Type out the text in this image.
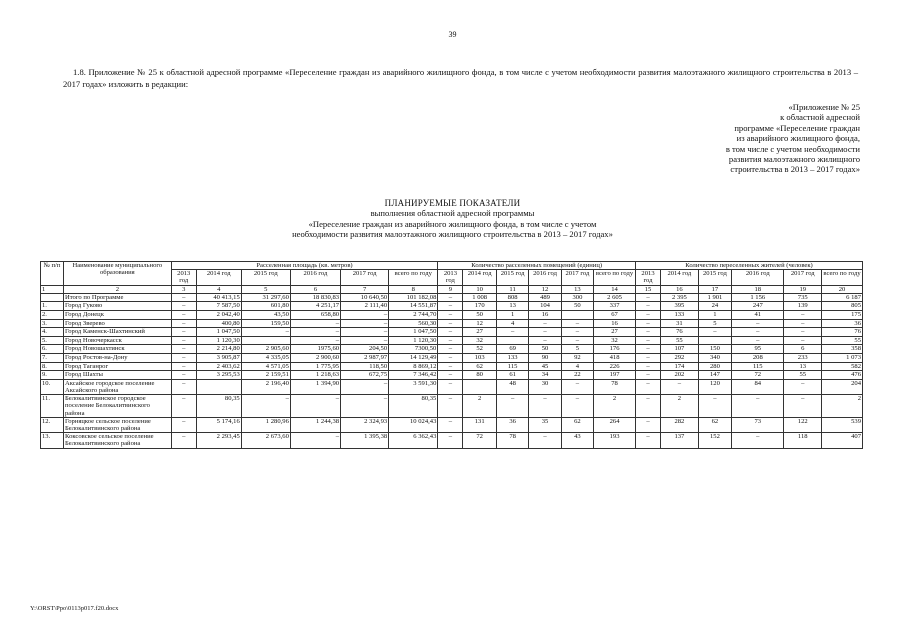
39
1.8. Приложение № 25 к областной адресной программе «Переселение граждан из аварийного жилищного фонда, в том числе с учетом необходимости развития малоэтажного жилищного строительства в 2013 – 2017 годах» изложить в редакции:
«Приложение № 25
к областной адресной
программе «Переселение граждан
из аварийного жилищного фонда,
в том числе с учетом необходимости
развития малоэтажного жилищного
строительства в 2013 – 2017 годах»
ПЛАНИРУЕМЫЕ ПОКАЗАТЕЛИ
выполнения областной адресной программы
«Переселение граждан из аварийного жилищного фонда, в том числе с учетом
необходимости развития малоэтажного жилищного строительства в 2013 – 2017 годах»
№ п/п	Наименование муниципального образования	Расселенная площадь (кв. метров)						Количество расселенных помещений (единиц)						Количество переселенных жителей (человек)					
		2013 год	2014 год	2015 год	2016 год	2017 год	всего по году	2013 год	2014 год	2015 год	2016 год	2017 год	всего по году	2013 год	2014 год	2015 год	2016 год	2017 год	всего по году
1	2	3	4	5	6	7	8	9	10	11	12	13	14	15	16	17	18	19	20
	Итого по Программе	–	40 413,15	31 297,60	18 830,83	10 640,50	101 182,08	–	1 008	808	489	300	2 605	–	2 395	1 901	1 156	735	6 187
1.	Город Гуково	–	7 587,50	601,80	4 251,17	2 111,40	14 551,87	–	170	13	104	50	337	–	395	24	247	139	805
2.	Город Донецк	–	2 042,40	43,50	658,80	–	2 744,70	–	50	1	16		67	–	133	1	41	–	175
3.	Город Зверево	–	400,80	159,50	–	–	560,30	–	12	4	–	–	16	–	31	5	–	–	36
4.	Город Каменск-Шахтинский	–	1 047,50	–	–	–	1 047,50	–	27	–	–	–	27	–	76	–	–	–	76
5.	Город Новочеркасск	–	1 120,30		–	–	1 120,30	–	32		–	–	32	–	55		–	–	55
6.	Город Новошахтинск	–	2 214,80	2 905,60	1975,60	204,50	7300,50	–	52	69	50	5	176	–	107	150	95	6	358
7.	Город Ростов-на-Дону	–	3 905,87	4 335,05	2 900,60	2 987,97	14 129,49	–	103	133	90	92	418	–	292	340	208	233	1 073
8.	Город Таганрог	–	2 403,62	4 571,05	1 775,95	118,50	8 869,12	–	62	115	45	4	226	–	174	280	115	13	582
9.	Город Шахты	–	3 295,53	2 159,51	1 218,63	672,75	7 346,42	–	80	61	34	22	197	–	202	147	72	55	476
10.	Аксайское городское поселение Аксайского района	–		2 196,40	1 394,90	–	3 591,30	–		48	30	–	78	–	–	120	84	–	204
11.	Белокалитвинское городское поселение Белокалитвинского района	–	80,35	–	–	–	80,35	–	2	–	–	–	2	–	2	–	–	–	2
12.	Горняцкое сельское поселение Белокалитвинского района	–	5 174,16	1 280,96	1 244,38	2 324,93	10 024,43	–	131	36	35	62	264	–	282	62	73	122	539
13.	Коксовское сельское поселение Белокалитвинского района	–	2 293,45	2 673,60	–	1 395,38	6 362,43	–	72	78	–	43	193	–	137	152	–	118	407
Y:\ORST\Ppo\0113p017.f20.docx
